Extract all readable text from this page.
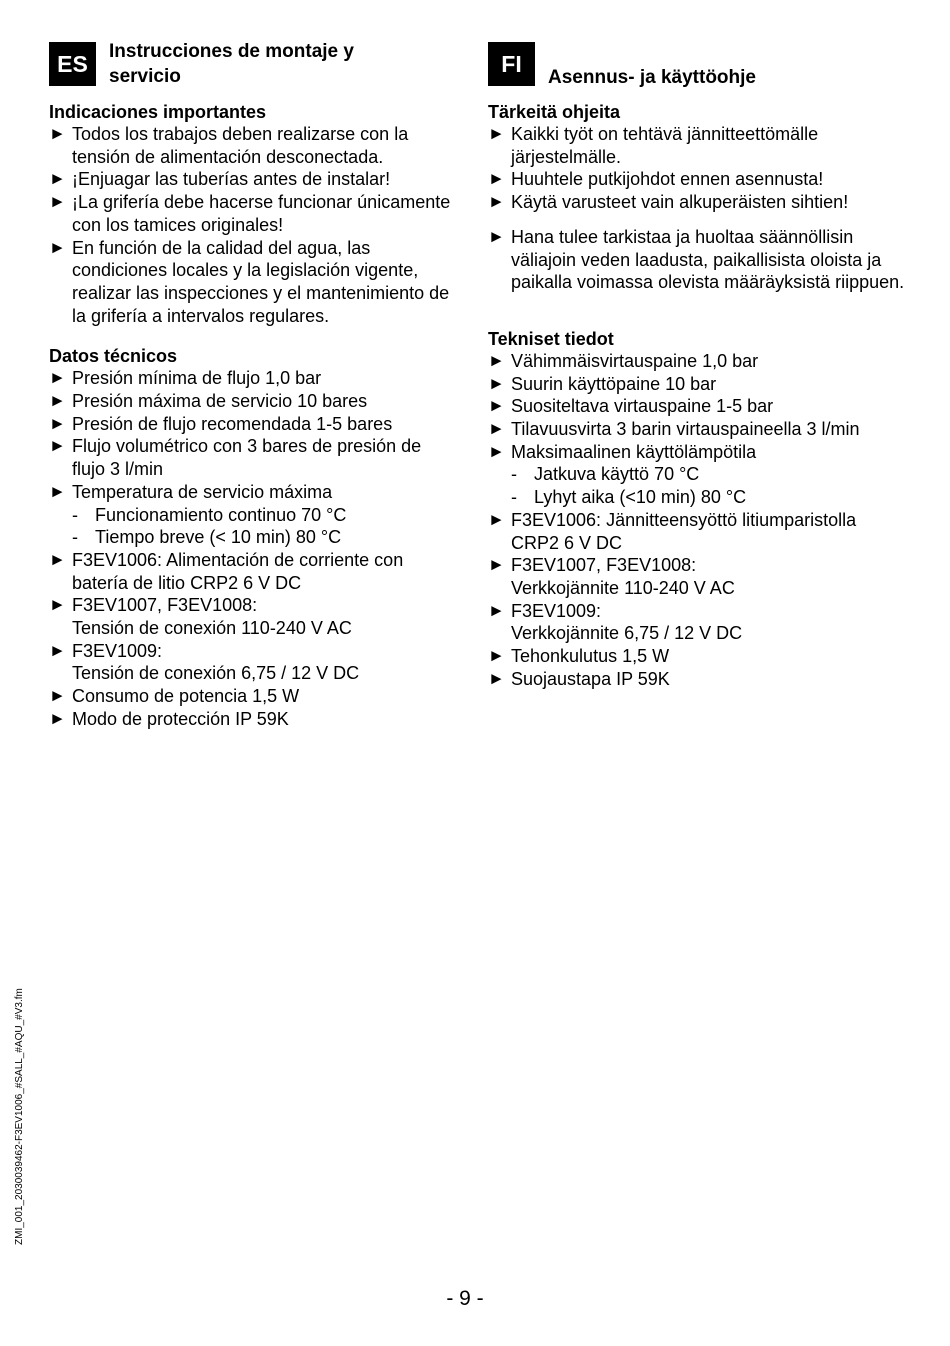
ES	Instrucciones de montaje y servicio

Indicaciones importantes

► Todos los trabajos deben realizarse con la tensión de alimentación desconectada.
► ¡Enjuagar las tuberías antes de instalar!
► ¡La grifería debe hacerse funcionar únicamente con los tamices originales!
► En función de la calidad del agua, las condiciones locales y la legislación vigente, realizar las inspecciones y el mantenimiento de la grifería a intervalos regulares.

Datos técnicos

► Presión mínima de flujo 1,0 bar
► Presión máxima de servicio 10 bares
► Presión de flujo recomendada 1-5 bares
► Flujo volumétrico con 3 bares de presión de flujo 3 l/min
► Temperatura de servicio máxima
- Funcionamiento continuo 70 °C
- Tiempo breve (< 10 min) 80 °C
► F3EV1006: Alimentación de corriente con batería de litio CRP2 6 V DC
► F3EV1007, F3EV1008:
Tensión de conexión 110-240 V AC
► F3EV1009:
Tensión de conexión 6,75 / 12 V DC
► Consumo de potencia 1,5 W
► Modo de protección IP 59K
FI
Asennus- ja käyttöohje

Tärkeitä ohjeita

► Kaikki työt on tehtävä jännitteettömälle järjestelmälle.
► Huuhtele putkijohdot ennen asennusta!
► Käytä varusteet vain alkuperäisten sihtien!
► Hana tulee tarkistaa ja huoltaa säännöllisin väliajoin veden laadusta, paikallisista oloista ja paikalla voimassa olevista määräyksistä riippuen.

Tekniset tiedot

► Vähimmäisvirtauspaine 1,0 bar
► Suurin käyttöpaine 10 bar
► Suositeltava virtauspaine 1-5 bar
► Tilavuusvirta 3 barin virtauspaineella 3 l/min
► Maksimaalinen käyttölämpötila
- Jatkuva käyttö 70 °C
- Lyhyt aika (<10 min) 80 °C
► F3EV1006: Jännitteensyöttö litiumparistolla CRP2 6 V DC
► F3EV1007, F3EV1008:
Verkkojännite 110-240 V AC
► F3EV1009:
Verkkojännite 6,75 / 12 V DC
► Tehonkulutus 1,5 W
► Suojaustapa IP 59K
ZMI_001_2030039462-F3EV1006_#SALL_#AQU_#V3.fm
- 9 -
